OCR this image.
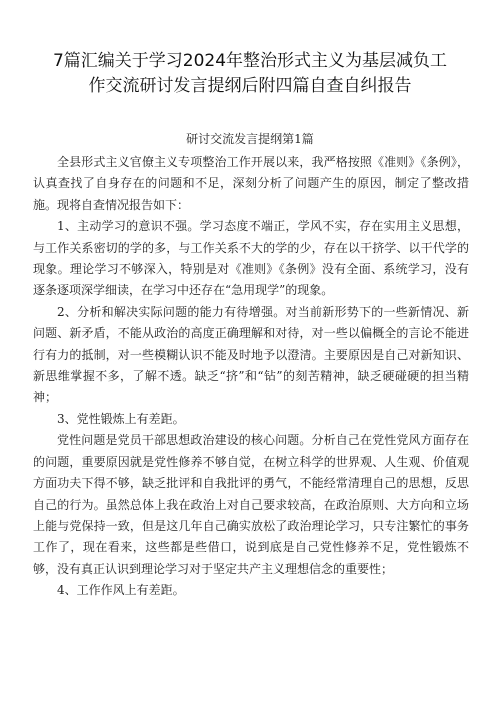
7篇汇编关于学习2024年整治形式主义为基层减负工
作交流研讨发言提纲后附四篇自查自纠报告
研讨交流发言提纲第1篇

全县形式主义官僚主义专项整治工作开展以来，我严格按照《准则》《条例》，认真查找了自身存在的问题和不足，深刻分析了问题产生的原因，制定了整改措施。现将自查情况报告如下：

1、主动学习的意识不强。学习态度不端正，学风不实，存在实用主义思想，与工作关系密切的学的多，与工作关系不大的学的少，存在以干挤学、以干代学的现象。理论学习不够深入，特别是对《准则》《条例》没有全面、系统学习，没有逐条逐项深学细读，在学习中还存在“急用现学”的现象。

2、分析和解决实际问题的能力有待增强。对当前新形势下的一些新情况、新问题、新矛盾，不能从政治的高度正确理解和对待，对一些以偏概全的言论不能进行有力的抵制，对一些模糊认识不能及时地予以澄清。主要原因是自己对新知识、新思维掌握不多，了解不透。缺乏“挤”和“钻”的刻苦精神，缺乏硬碰硬的担当精神；

3、党性锻炼上有差距。

党性问题是党员干部思想政治建设的核心问题。分析自己在党性党风方面存在的问题，重要原因就是党性修养不够自觉，在树立科学的世界观、人生观、价值观方面功夫下得不够，缺乏批评和自我批评的勇气，不能经常清理自己的思想，反思自己的行为。虽然总体上我在政治上对自己要求较高，在政治原则、大方向和立场上能与党保持一致，但是这几年自己确实放松了政治理论学习，只专注繁忙的事务工作了，现在看来，这些都是些借口，说到底是自己党性修养不足，党性锻炼不够，没有真正认识到理论学习对于坚定共产主义理想信念的重要性；

4、工作作风上有差距。
